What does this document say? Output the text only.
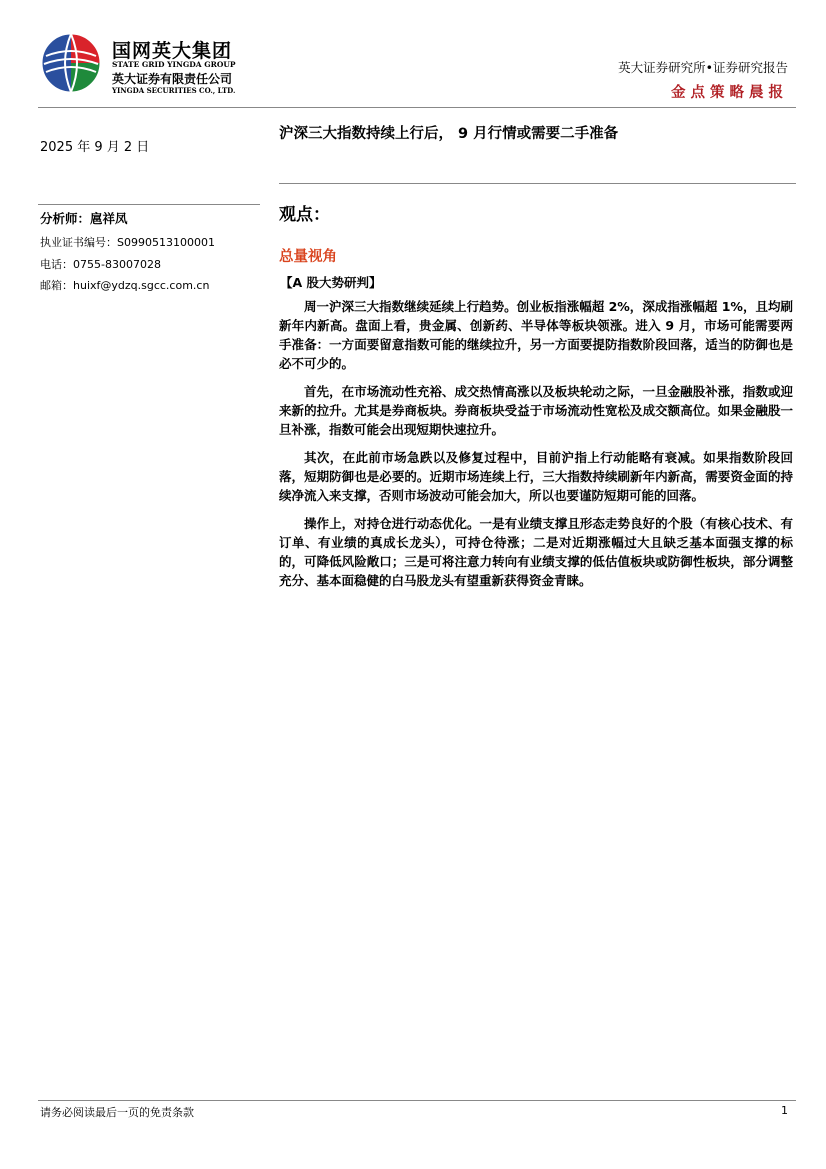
国网英大集团
STATE GRID YINGDA GROUP
英大证券有限责任公司
YINGDA SECURITIES CO., LTD.
英大证券研究所•证券研究报告
金点策略晨报
2025 年 9 月 2 日
分析师：扈祥凤
执业证书编号：S0990513100001
电话：0755-83007028
邮箱：huixf@ydzq.sgcc.com.cn
沪深三大指数持续上行后， 9 月行情或需要二手准备
观点：
总量视角
【A 股大势研判】

周一沪深三大指数继续延续上行趋势。创业板指涨幅超 2%，深成指涨幅超 1%，且均刷新年内新高。盘面上看，贵金属、创新药、半导体等板块领涨。进入 9 月，市场可能需要两手准备：一方面要留意指数可能的继续拉升，另一方面要提防指数阶段回落，适当的防御也是必不可少的。

首先，在市场流动性充裕、成交热情高涨以及板块轮动之际，一旦金融股补涨，指数或迎来新的拉升。尤其是券商板块。券商板块受益于市场流动性宽松及成交额高位。如果金融股一旦补涨，指数可能会出现短期快速拉升。

其次，在此前市场急跌以及修复过程中，目前沪指上行动能略有衰减。如果指数阶段回落，短期防御也是必要的。近期市场连续上行，三大指数持续刷新年内新高，需要资金面的持续净流入来支撑，否则市场波动可能会加大，所以也要谨防短期可能的回落。

操作上，对持仓进行动态优化。一是有业绩支撑且形态走势良好的个股（有核心技术、有订单、有业绩的真成长龙头），可持仓待涨；二是对近期涨幅过大且缺乏基本面强支撑的标的，可降低风险敞口；三是可将注意力转向有业绩支撑的低估值板块或防御性板块，部分调整充分、基本面稳健的白马股龙头有望重新获得资金青睐。

请务必阅读最后一页的免责条款	1
